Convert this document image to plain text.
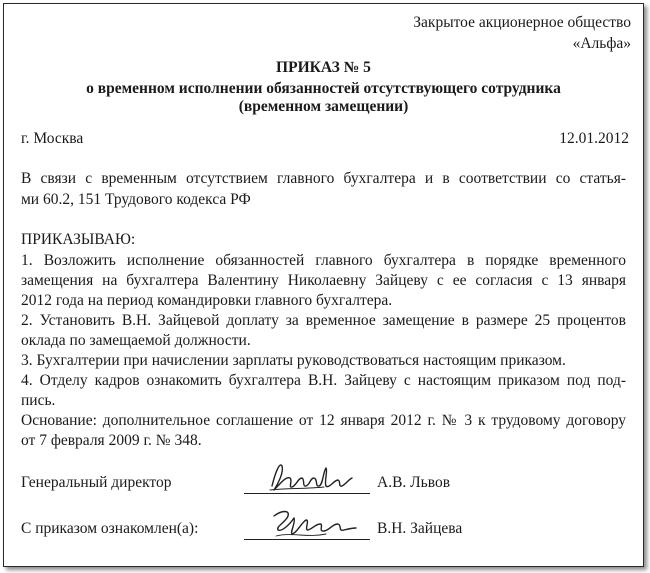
Закрытое акционерное общество
«Альфа»
ПРИКАЗ № 5
о временном исполнении обязанностей отсутствующего сотрудника
(временном замещении)
г. Москва	12.01.2012
В связи с временным отсутствием главного бухгалтера и в соответствии со статья-
ми 60.2, 151 Трудового кодекса РФ
ПРИКАЗЫВАЮ:
1. Возложить исполнение обязанностей главного бухгалтера в порядке временного
замещения на бухгалтера Валентину Николаевну Зайцеву с ее согласия с 13 января
2012 года на период командировки главного бухгалтера.
2. Установить В.Н. Зайцевой доплату за временное замещение в размере 25 процентов
оклада по замещаемой должности.
3. Бухгалтерии при начислении зарплаты руководствоваться настоящим приказом.
4. Отделу кадров ознакомить бухгалтера В.Н. Зайцеву с настоящим приказом под под-
пись.
Основание: дополнительное соглашение от 12 января 2012 г. № 3 к трудовому договору
от 7 февраля 2009 г. № 348.
Генеральный директор	А.В. Львов
С приказом ознакомлен(а):	В.Н. Зайцева
